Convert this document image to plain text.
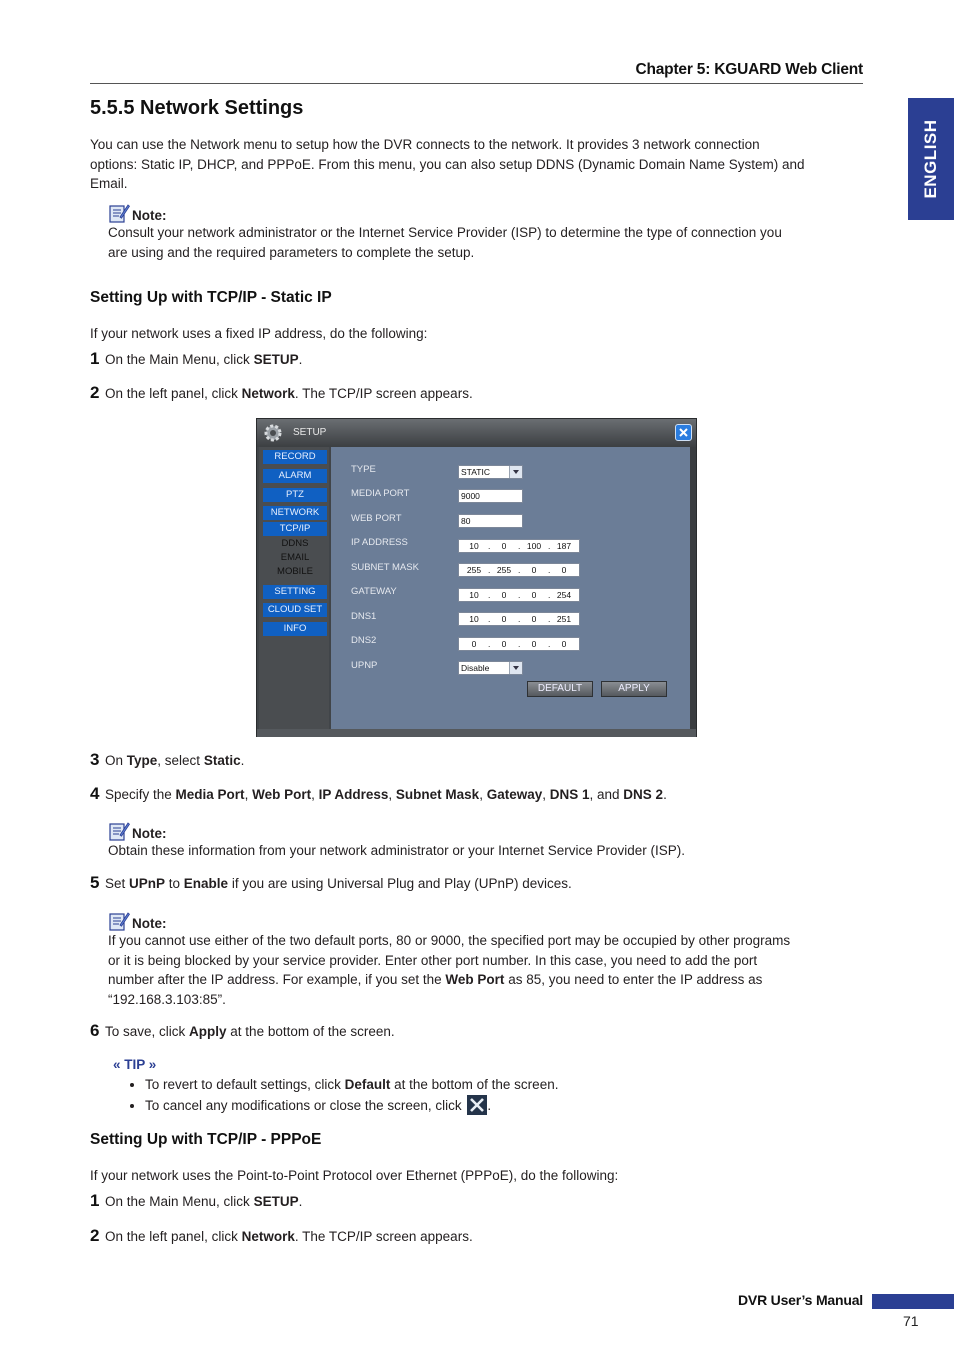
Chapter 5: KGUARD Web Client
ENGLISH
5.5.5 Network Settings

You can use the Network menu to setup how the DVR connects to the network. It provides 3 network connection

options: Static IP, DHCP, and PPPoE. From this menu, you can also setup DDNS (Dynamic Domain Name System) and

Email.

Note:

Consult your network administrator or the Internet Service Provider (ISP) to determine the type of connection you

are using and the required parameters to complete the setup.

Setting Up with TCP/IP - Static IP
If your network uses a fixed IP address, do the following:
1 On the Main Menu, click SETUP.
2 On the left panel, click Network. The TCP/IP screen appears.
SETUP
RECORD
ALARM
PTZ
NETWORK
TCP/IP
DDNS
EMAIL
MOBILE
SETTING
CLOUD SET
INFO
TYPE	STATIC
MEDIA PORT	9000
WEB PORT	80
IP ADDRESS	10	.	0	. 100 . 187
SUBNET MASK	255 . 255 .	0	.	0
GATEWAY	10	.	0	.	0	. 254
DNS1	10	.	0	.	0	. 251
DNS2	0	.	0	.	0	.	0
UPNP	Disable
DEFAULT	APPLY
3 On Type, select Static.
4 Specify the Media Port, Web Port, IP Address, Subnet Mask, Gateway, DNS 1, and DNS 2.
Note:

Obtain these information from your network administrator or your Internet Service Provider (ISP).

5 Set UPnP to Enable if you are using Universal Plug and Play (UPnP) devices.
Note:

If you cannot use either of the two default ports, 80 or 9000, the specified port may be occupied by other programs

or it is being blocked by your service provider. Enter other port number. In this case, you need to add the port

number after the IP address. For example, if you set the Web Port as 85, you need to enter the IP address as

“192.168.3.103:85”.

6 To save, click Apply at the bottom of the screen.
« TIP »
• To revert to default settings, click Default at the bottom of the screen.
• To cancel any modifications or close the screen, click .
Setting Up with TCP/IP - PPPoE
If your network uses the Point-to-Point Protocol over Ethernet (PPPoE), do the following:
1 On the Main Menu, click SETUP.
2 On the left panel, click Network. The TCP/IP screen appears.
DVR User’s Manual
71
